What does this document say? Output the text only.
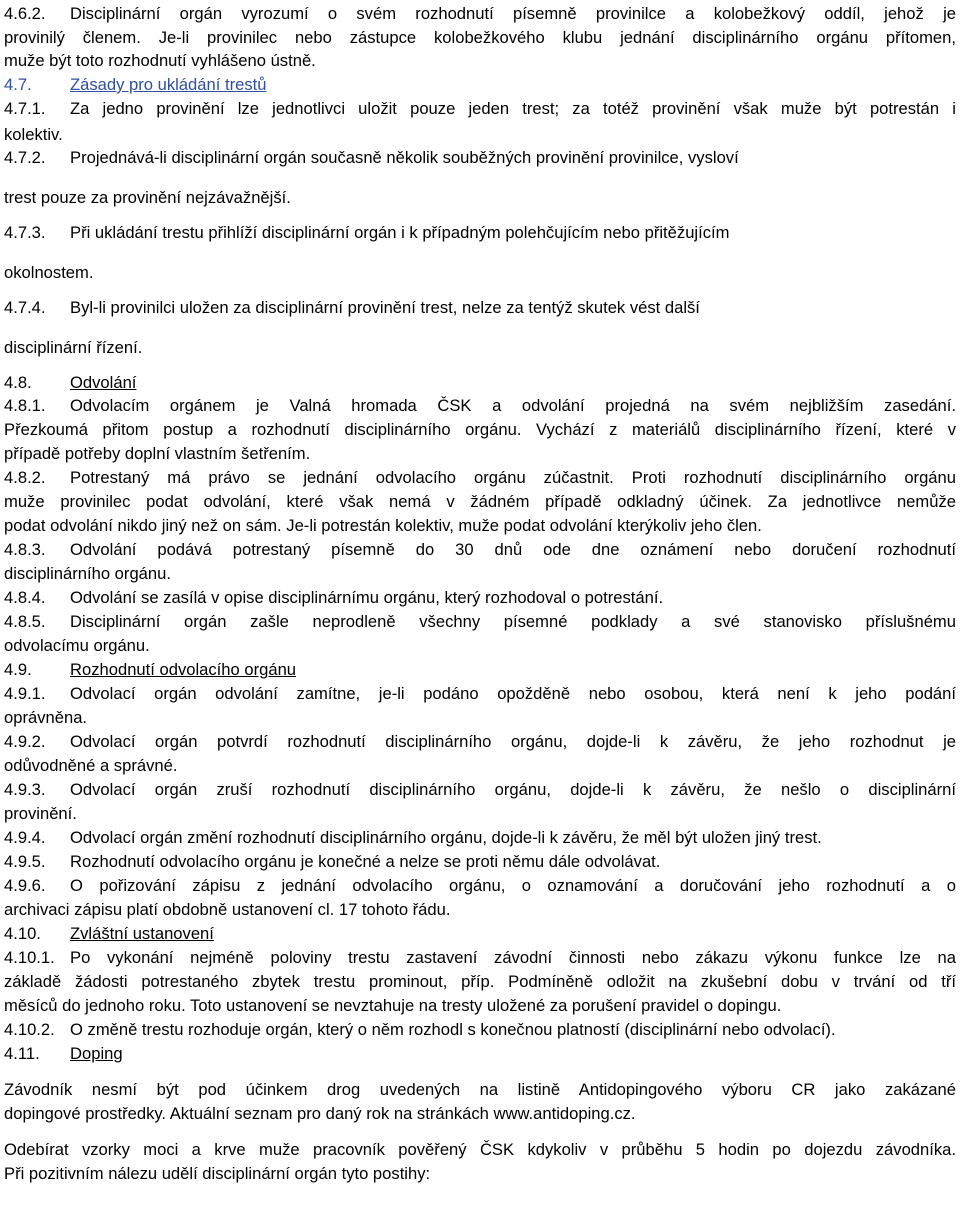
4.6.2. Disciplinární orgán vyrozumí o svém rozhodnutí písemně provinilce a kolobežkový oddíl, jehož je
provinilý členem. Je-li provinilec nebo zástupce kolobežkového klubu jednání disciplinárního orgánu přítomen,
muže být toto rozhodnutí vyhlášeno ústně.
4.7. Zásady pro ukládání trestů
4.7.1. Za jedno provinění lze jednotlivci uložit pouze jeden trest; za totéž provinění však muže být potrestán i
kolektiv.
4.7.2. Projednává-li disciplinární orgán současně několik souběžných provinění provinilce, vysloví
trest pouze za provinění nejzávažnější.
4.7.3. Při ukládání trestu přihlíží disciplinární orgán i k případným polehčujícím nebo přitěžujícím
okolnostem.
4.7.4. Byl-li provinilci uložen za disciplinární provinění trest, nelze za tentýž skutek vést další
disciplinární řízení.
4.8. Odvolání
4.8.1. Odvolacím orgánem je Valná hromada ČSK a odvolání projedná na svém nejbližším zasedání.
Přezkoumá přitom postup a rozhodnutí disciplinárního orgánu. Vychází z materiálů disciplinárního řízení, které v
případě potřeby doplní vlastním šetřením.
4.8.2. Potrestaný má právo se jednání odvolacího orgánu zúčastnit. Proti rozhodnutí disciplinárního orgánu
muže provinilec podat odvolání, které však nemá v žádném případě odkladný účinek. Za jednotlivce nemůže
podat odvolání nikdo jiný než on sám. Je-li potrestán kolektiv, muže podat odvolání kterýkoliv jeho člen.
4.8.3. Odvolání podává potrestaný písemně do 30 dnů ode dne oznámení nebo doručení rozhodnutí
disciplinárního orgánu.
4.8.4. Odvolání se zasílá v opise disciplinárnímu orgánu, který rozhodoval o potrestání.
4.8.5. Disciplinární orgán zašle neprodleně všechny písemné podklady a své stanovisko příslušnému
odvolacímu orgánu.
4.9. Rozhodnutí odvolacího orgánu
4.9.1. Odvolací orgán odvolání zamítne, je-li podáno opožděně nebo osobou, která není k jeho podání
oprávněna.
4.9.2. Odvolací orgán potvrdí rozhodnutí disciplinárního orgánu, dojde-li k závěru, že jeho rozhodnut je
odůvodněné a správné.
4.9.3. Odvolací orgán zruší rozhodnutí disciplinárního orgánu, dojde-li k závěru, že nešlo o disciplinární
provinění.
4.9.4. Odvolací orgán změní rozhodnutí disciplinárního orgánu, dojde-li k závěru, že měl být uložen jiný trest.
4.9.5. Rozhodnutí odvolacího orgánu je konečné a nelze se proti němu dále odvolávat.
4.9.6. O pořizování zápisu z jednání odvolacího orgánu, o oznamování a doručování jeho rozhodnutí a o
archivaci zápisu platí obdobně ustanovení cl. 17 tohoto řádu.
4.10. Zvláštní ustanovení
4.10.1. Po vykonání nejméně poloviny trestu zastavení závodní činnosti nebo zákazu výkonu funkce lze na
základě žádosti potrestaného zbytek trestu prominout, příp. Podmíněně odložit na zkušební dobu v trvání od tří
měsíců do jednoho roku. Toto ustanovení se nevztahuje na tresty uložené za porušení pravidel o dopingu.
4.10.2. O změně trestu rozhoduje orgán, který o něm rozhodl s konečnou platností (disciplinární nebo odvolací).
4.11. Doping
Závodník nesmí být pod účinkem drog uvedených na listině Antidopingového výboru CR jako zakázané
dopingové prostředky. Aktuální seznam pro daný rok na stránkách www.antidoping.cz.
Odebírat vzorky moci a krve muže pracovník pověřený ČSK kdykoliv v průběhu 5 hodin po dojezdu závodníka.
Při pozitivním nálezu udělí disciplinární orgán tyto postihy:
